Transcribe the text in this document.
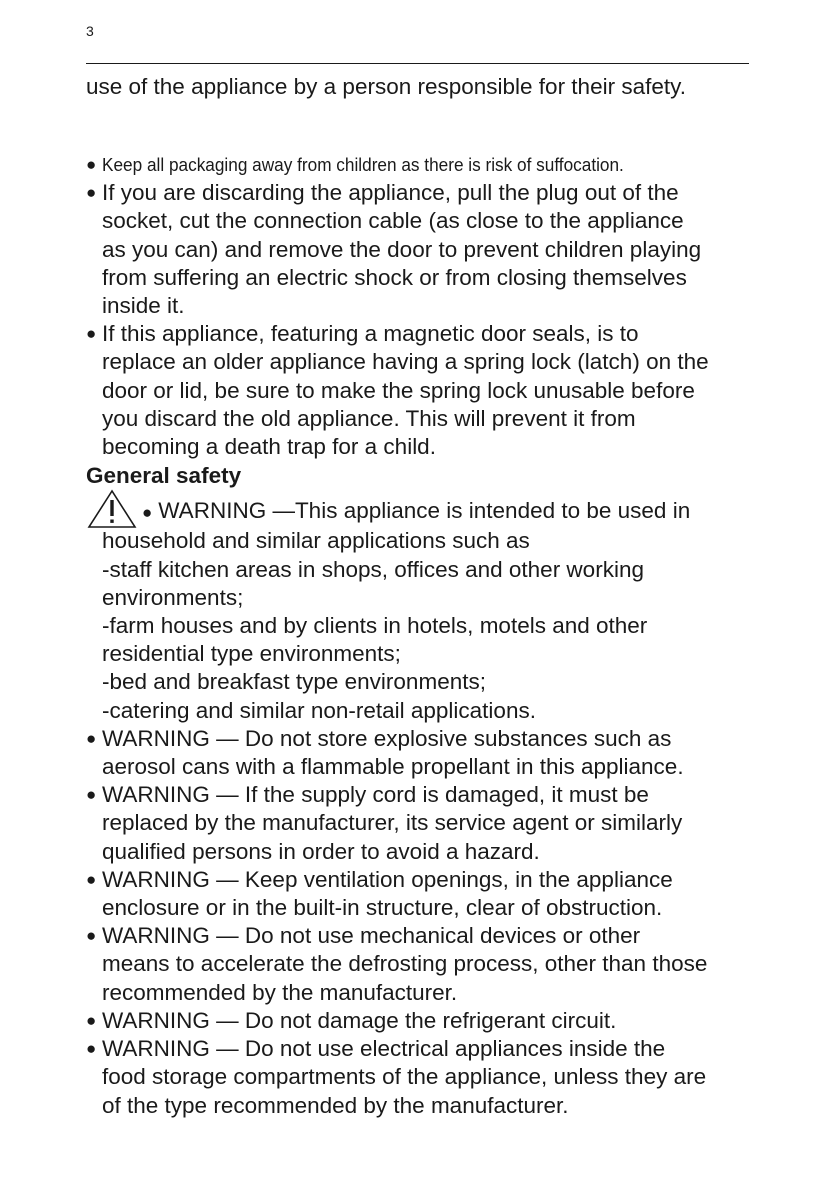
3

use of the appliance by a person responsible for their safety.

● Keep all packaging away from children as there is risk of suffocation.
● If you are discarding the appliance, pull the plug out of the
socket, cut the connection cable (as close to the appliance
as you can) and remove the door to prevent children playing
from suffering an electric shock or from closing themselves
inside it.
● If this appliance, featuring a magnetic door seals, is to
replace an older appliance having a spring lock (latch) on the
door or lid, be sure to make the spring lock unusable before
you discard the old appliance. This will prevent it from
becoming a death trap for a child.
General safety
● WARNING —This appliance is intended to be used in
household and similar applications such as
-staff kitchen areas in shops, offices and other working
environments;
-farm houses and by clients in hotels, motels and other
residential type environments;
-bed and breakfast type environments;
-catering and similar non-retail applications.
● WARNING — Do not store explosive substances such as
aerosol cans with a flammable propellant in this appliance.
● WARNING — If the supply cord is damaged, it must be
replaced by the manufacturer, its service agent or similarly
qualified persons in order to avoid a hazard.
● WARNING — Keep ventilation openings, in the appliance
enclosure or in the built-in structure, clear of obstruction.
● WARNING — Do not use mechanical devices or other
means to accelerate the defrosting process, other than those
recommended by the manufacturer.
● WARNING — Do not damage the refrigerant circuit.
● WARNING — Do not use electrical appliances inside the
food storage compartments of the appliance, unless they are
of the type recommended by the manufacturer.
